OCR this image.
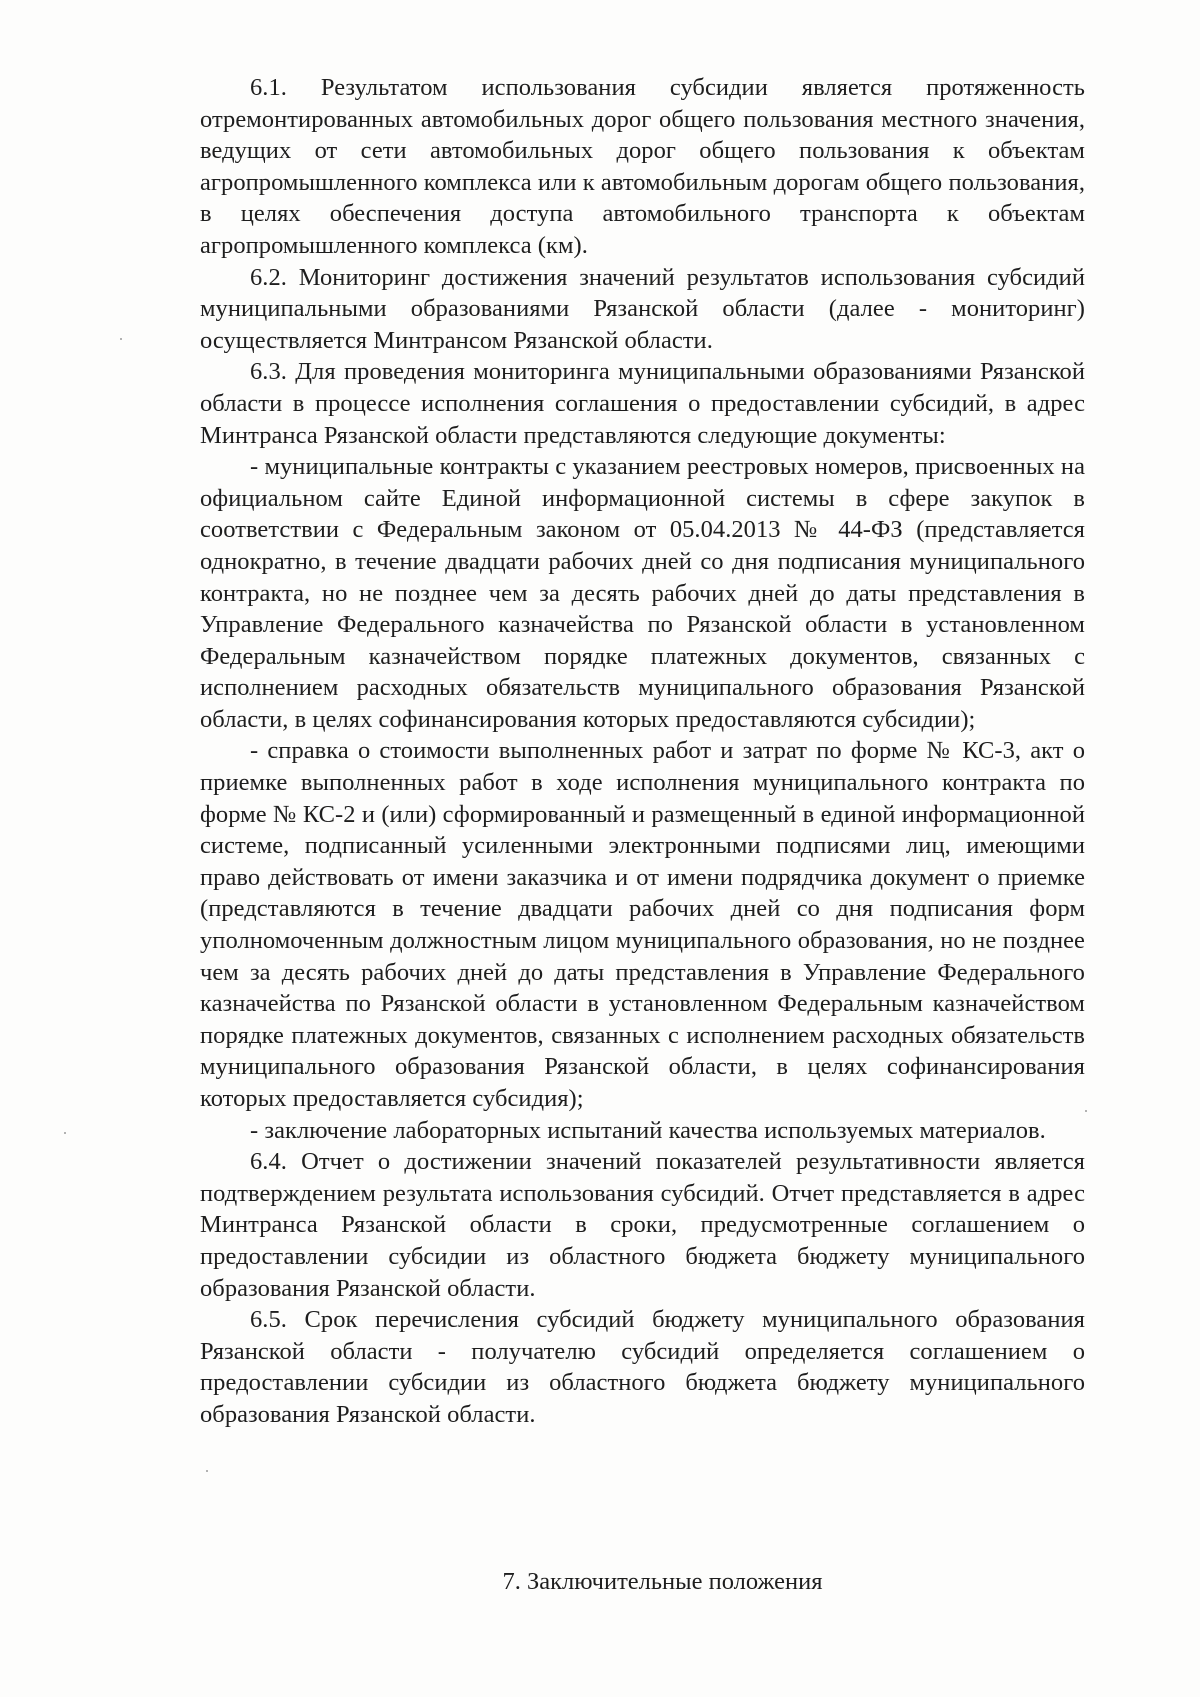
6.1. Результатом использования субсидии является протяженность отремонтированных автомобильных дорог общего пользования местного значения, ведущих от сети автомобильных дорог общего пользования к объектам агропромышленного комплекса или к автомобильным дорогам общего пользования, в целях обеспечения доступа автомобильного транспорта к объектам агропромышленного комплекса (км).

6.2. Мониторинг достижения значений результатов использования субсидий муниципальными образованиями Рязанской области (далее - мониторинг) осуществляется Минтрансом Рязанской области.

6.3. Для проведения мониторинга муниципальными образованиями Рязанской области в процессе исполнения соглашения о предоставлении субсидий, в адрес Минтранса Рязанской области представляются следующие документы:

- муниципальные контракты с указанием реестровых номеров, присвоенных на официальном сайте Единой информационной системы в сфере закупок в соответствии с Федеральным законом от 05.04.2013 № 44-ФЗ (представляется однократно, в течение двадцати рабочих дней со дня подписания муниципального контракта, но не позднее чем за десять рабочих дней до даты представления в Управление Федерального казначейства по Рязанской области в установленном Федеральным казначейством порядке платежных документов, связанных с исполнением расходных обязательств муниципального образования Рязанской области, в целях софинансирования которых предоставляются субсидии);

- справка о стоимости выполненных работ и затрат по форме № КС-3, акт о приемке выполненных работ в ходе исполнения муниципального контракта по форме № КС-2 и (или) сформированный и размещенный в единой информационной системе, подписанный усиленными электронными подписями лиц, имеющими право действовать от имени заказчика и от имени подрядчика документ о приемке (представляются в течение двадцати рабочих дней со дня подписания форм уполномоченным должностным лицом муниципального образования, но не позднее чем за десять рабочих дней до даты представления в Управление Федерального казначейства по Рязанской области в установленном Федеральным казначейством порядке платежных документов, связанных с исполнением расходных обязательств муниципального образования Рязанской области, в целях софинансирования которых предоставляется субсидия);

- заключение лабораторных испытаний качества используемых материалов.

6.4. Отчет о достижении значений показателей результативности является подтверждением результата использования субсидий. Отчет представляется в адрес Минтранса Рязанской области в сроки, предусмотренные соглашением о предоставлении субсидии из областного бюджета бюджету муниципального образования Рязанской области.

6.5. Срок перечисления субсидий бюджету муниципального образования Рязанской области - получателю субсидий определяется соглашением о предоставлении субсидии из областного бюджета бюджету муниципального образования Рязанской области.

7. Заключительные положения
